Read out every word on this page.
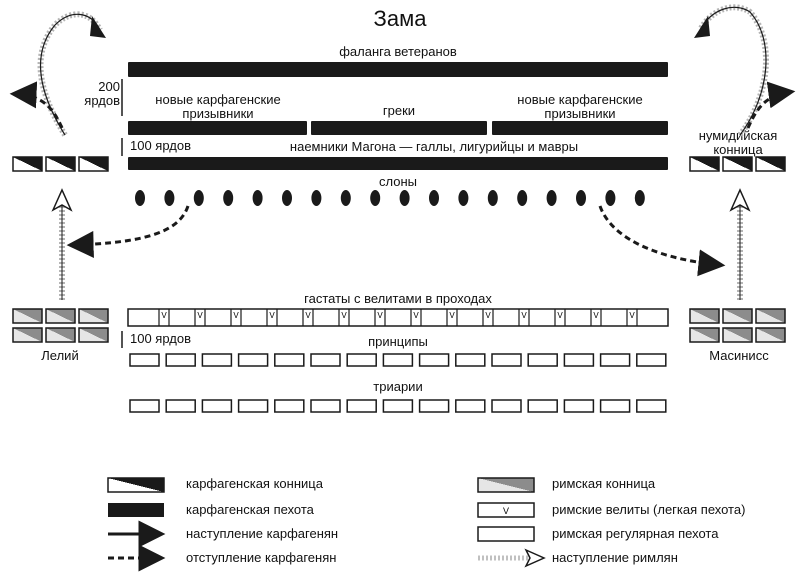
Зама
фаланга ветеранов
новые карфагенские призывники	греки
новые карфагенские призывники
200 ярдов
100 ярдов	наемники Магона — галлы, лигурийцы и мавры
слоны
нумидийская конница
гастаты с велитами в проходах
100 ярдов	принципы
триарии
Лелий	Масинисс
карфагенская конница
карфагенская пехота
наступление карфагенян
отступление карфагенян
римская конница
римские велиты (легкая пехота)
римская регулярная пехота
наступление римлян
V	V	V	V	V	V	V	V	V	V	V	V	V	V
V
